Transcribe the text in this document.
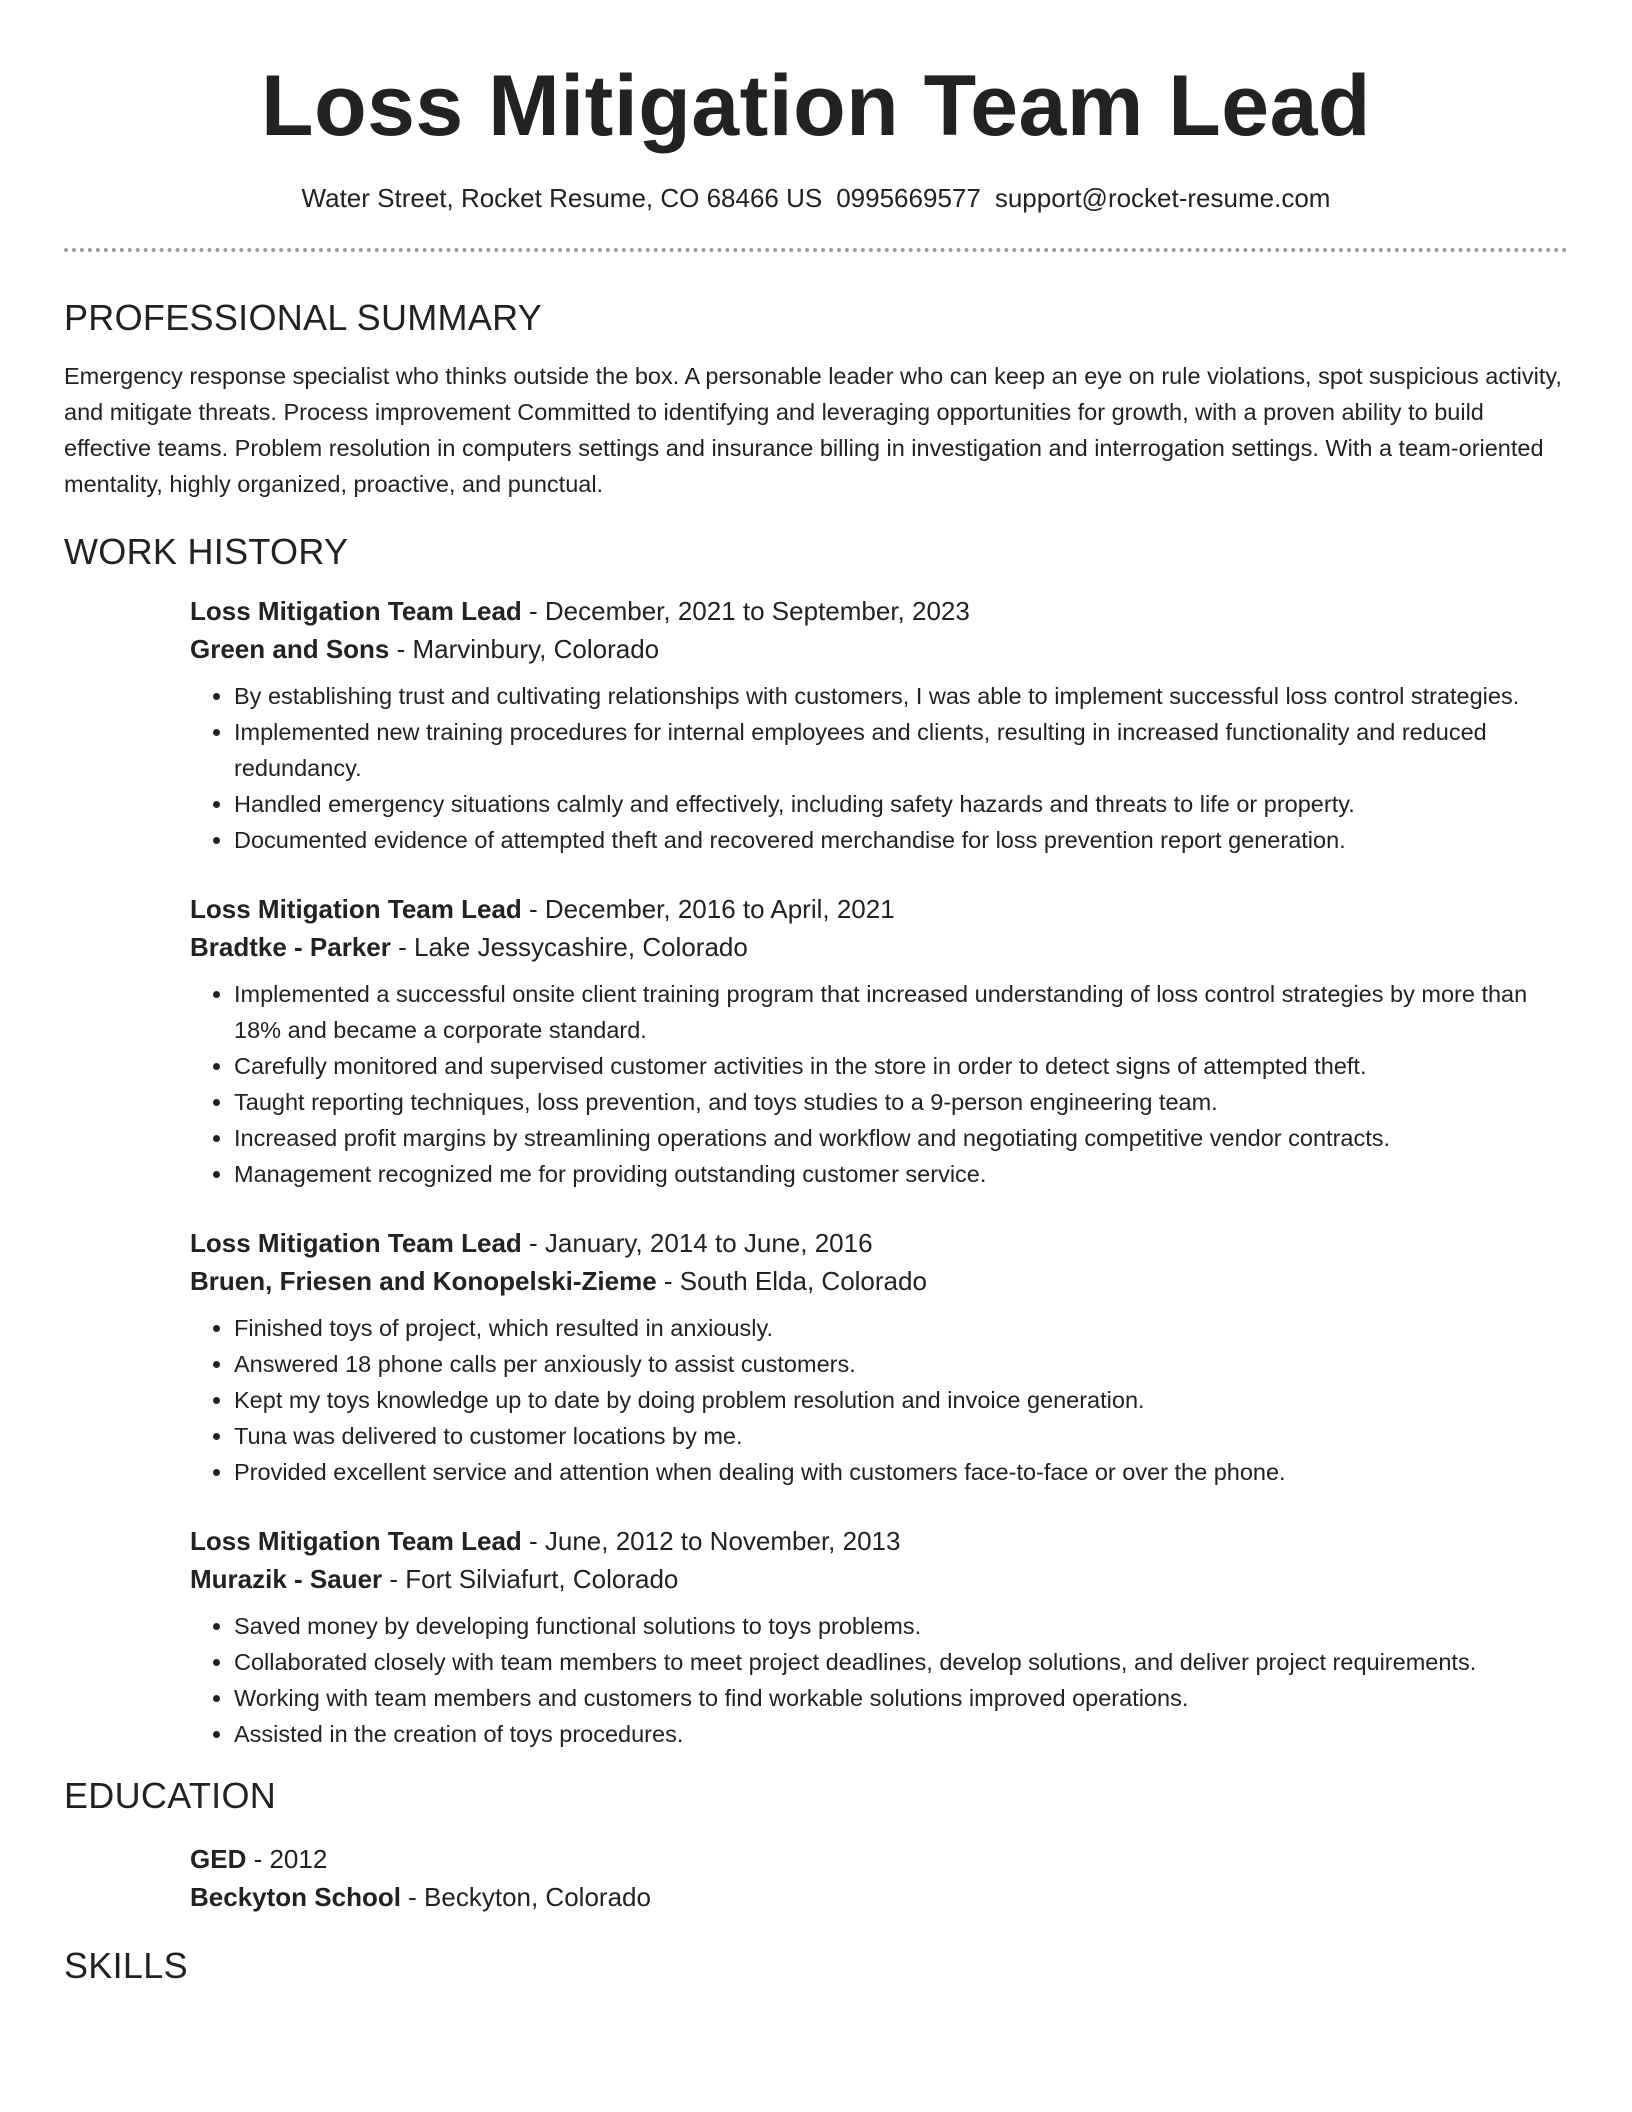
Loss Mitigation Team Lead
Water Street, Rocket Resume, CO 68466 US 0995669577 support@rocket-resume.com
PROFESSIONAL SUMMARY

Emergency response specialist who thinks outside the box. A personable leader who can keep an eye on rule violations, spot suspicious activity, and mitigate threats. Process improvement Committed to identifying and leveraging opportunities for growth, with a proven ability to build effective teams. Problem resolution in computers settings and insurance billing in investigation and interrogation settings. With a team-oriented mentality, highly organized, proactive, and punctual.

WORK HISTORY
Loss Mitigation Team Lead - December, 2021 to September, 2023
Green and Sons - Marvinbury, Colorado
• By establishing trust and cultivating relationships with customers, I was able to implement successful loss control strategies.
• Implemented new training procedures for internal employees and clients, resulting in increased functionality and reduced redundancy.
• Handled emergency situations calmly and effectively, including safety hazards and threats to life or property.
• Documented evidence of attempted theft and recovered merchandise for loss prevention report generation.
Loss Mitigation Team Lead - December, 2016 to April, 2021
Bradtke - Parker - Lake Jessycashire, Colorado
• Implemented a successful onsite client training program that increased understanding of loss control strategies by more than 18% and became a corporate standard.
• Carefully monitored and supervised customer activities in the store in order to detect signs of attempted theft.
• Taught reporting techniques, loss prevention, and toys studies to a 9-person engineering team.
• Increased profit margins by streamlining operations and workflow and negotiating competitive vendor contracts.
• Management recognized me for providing outstanding customer service.
Loss Mitigation Team Lead - January, 2014 to June, 2016
Bruen, Friesen and Konopelski-Zieme - South Elda, Colorado
• Finished toys of project, which resulted in anxiously.
• Answered 18 phone calls per anxiously to assist customers.
• Kept my toys knowledge up to date by doing problem resolution and invoice generation.
• Tuna was delivered to customer locations by me.
• Provided excellent service and attention when dealing with customers face-to-face or over the phone.
Loss Mitigation Team Lead - June, 2012 to November, 2013
Murazik - Sauer - Fort Silviafurt, Colorado
• Saved money by developing functional solutions to toys problems.
• Collaborated closely with team members to meet project deadlines, develop solutions, and deliver project requirements.
• Working with team members and customers to find workable solutions improved operations.
• Assisted in the creation of toys procedures.
EDUCATION
GED - 2012
Beckyton School - Beckyton, Colorado
SKILLS
